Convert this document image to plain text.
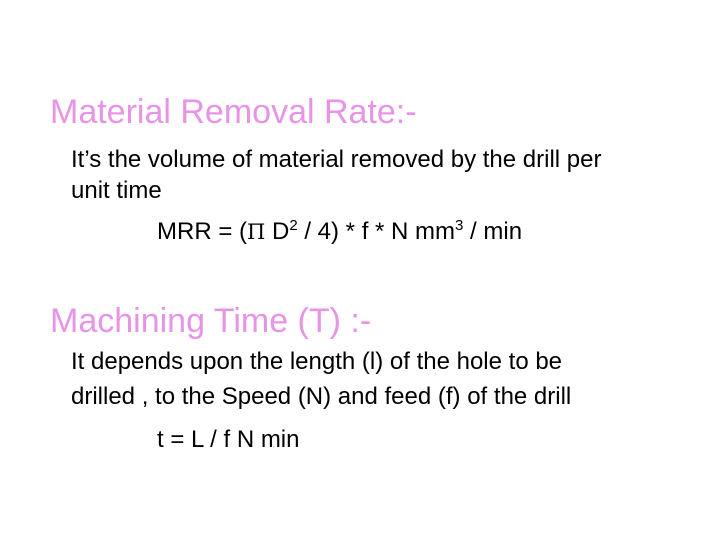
Material Removal Rate:-
It’s the volume of material removed by the drill per
unit time
MRR = (Π $D^2 / 4$) * f * N $mm^3$ / min
Machining Time (T) :-
It depends upon the length (l) of the hole to be
drilled , to the Speed (N) and feed (f) of the drill
t = L / f N min
